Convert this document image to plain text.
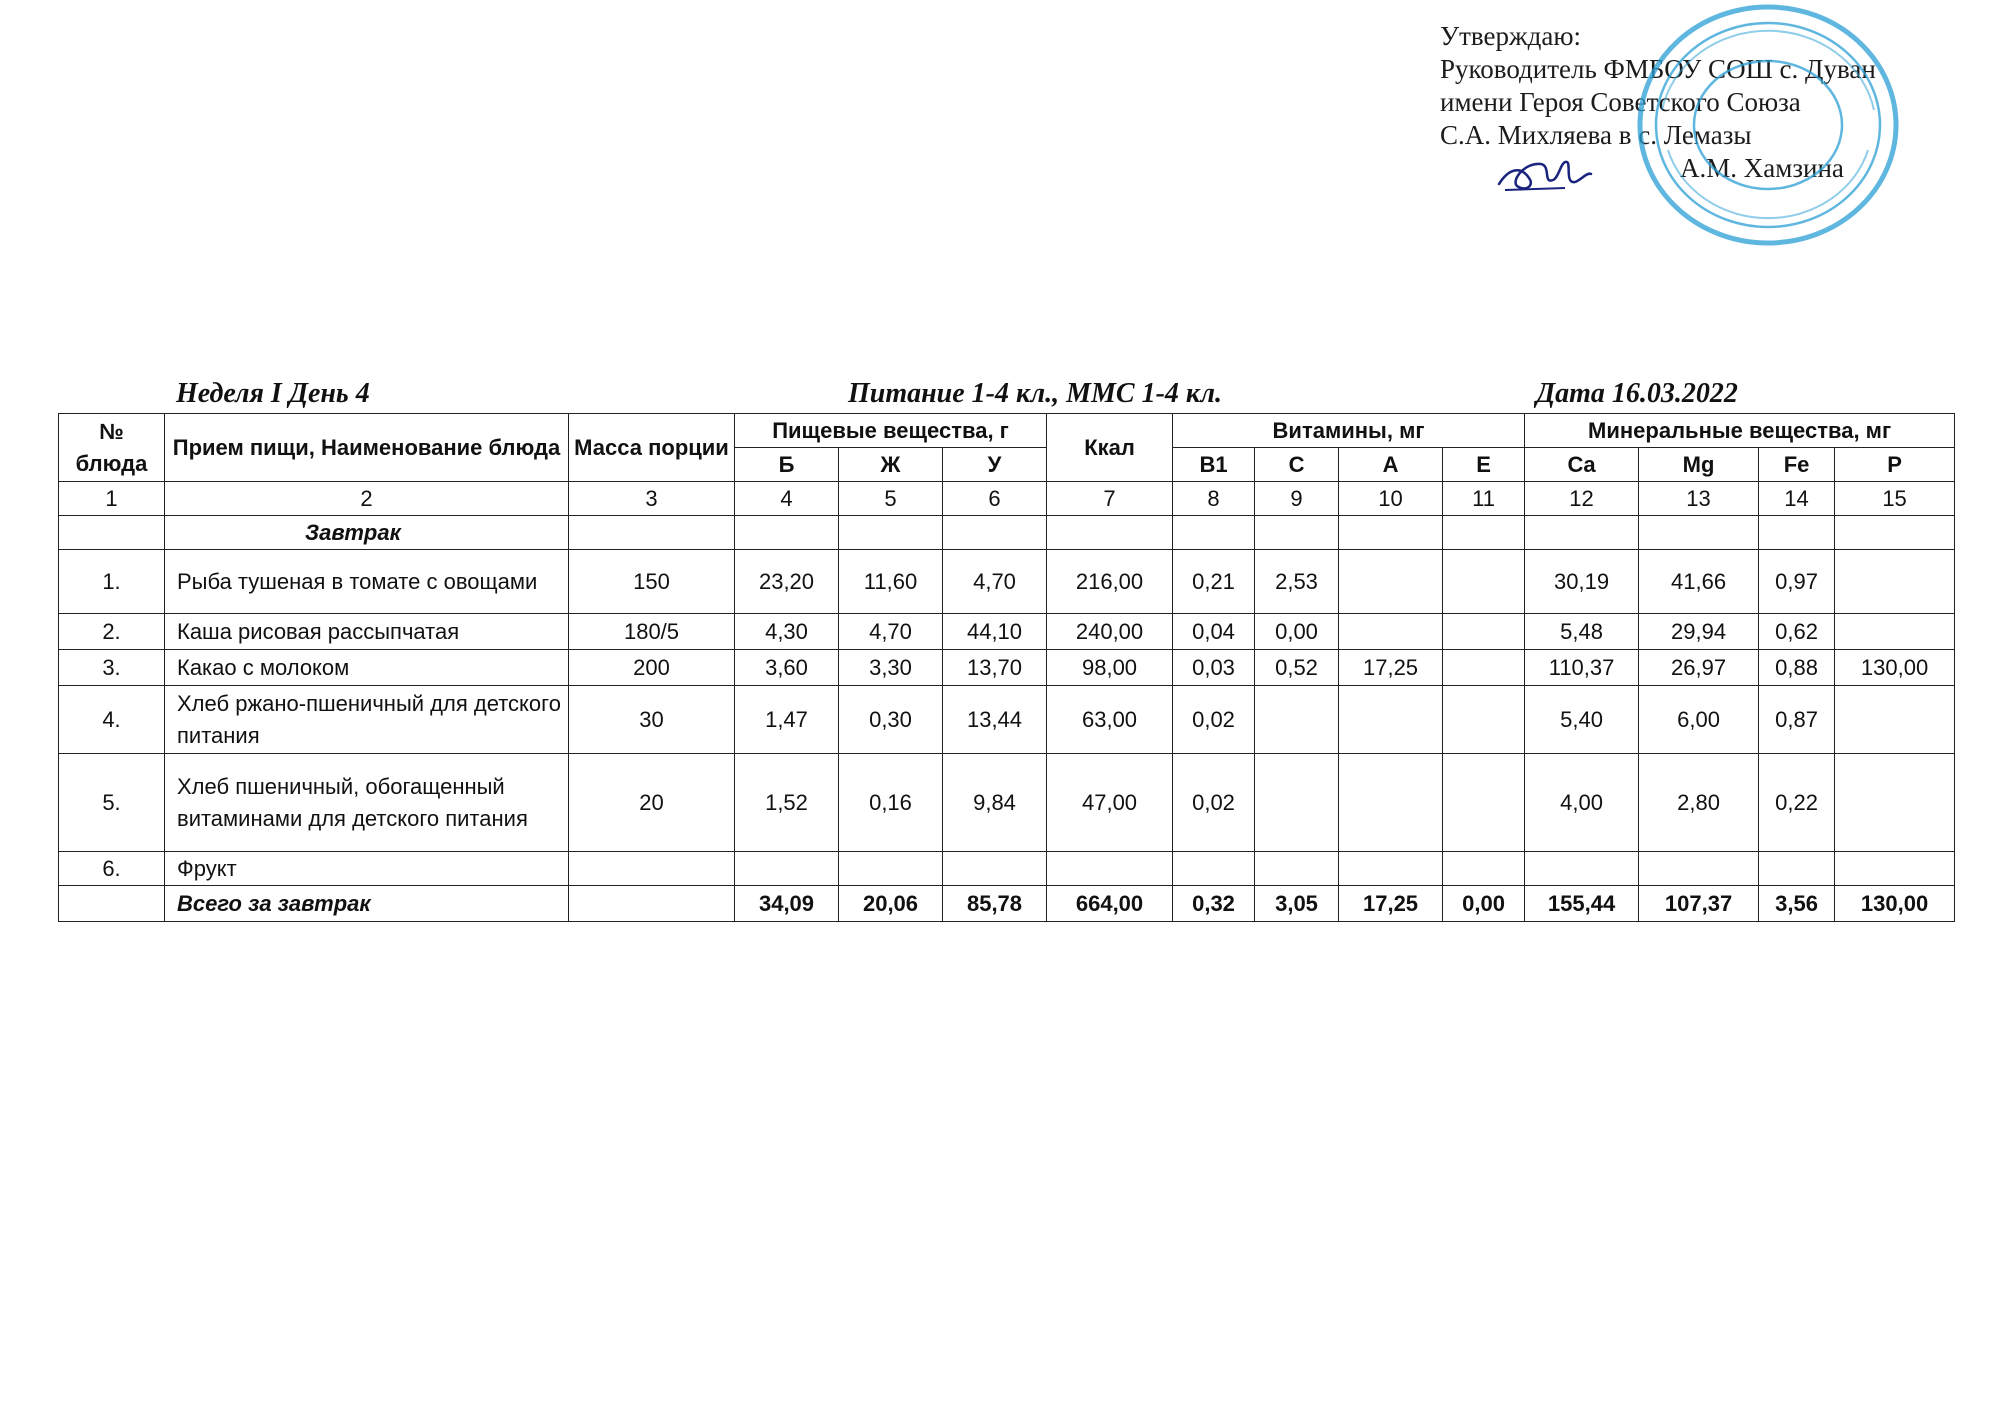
Утверждаю:
Руководитель ФМБОУ СОШ с. Дуван
имени Героя Советского Союза
С.А. Михляева в с. Лемазы
А.М. Хамзина
Неделя I День 4	Питание 1-4 кл., ММС 1-4 кл.	Дата 16.03.2022
№ блюда	Прием пищи, Наименование блюда	Масса порции	Пищевые вещества, г			Ккал	Витамины, мг				Минеральные вещества, мг			
			Б	Ж	У		В1	С	А	Е	Ca	Mg	Fe	P
1	2	3	4	5	6	7	8	9	10	11	12	13	14	15
	Завтрак													
1.	Рыба тушеная в томате с овощами	150	23,20	11,60	4,70	216,00	0,21	2,53			30,19	41,66	0,97	
2.	Каша рисовая рассыпчатая	180/5	4,30	4,70	44,10	240,00	0,04	0,00			5,48	29,94	0,62	
3.	Какао с молоком	200	3,60	3,30	13,70	98,00	0,03	0,52	17,25		110,37	26,97	0,88	130,00
4.	Хлеб ржано-пшеничный для детского питания	30	1,47	0,30	13,44	63,00	0,02				5,40	6,00	0,87	
5.	Хлеб пшеничный, обогащенный витаминами для детского питания	20	1,52	0,16	9,84	47,00	0,02				4,00	2,80	0,22	
6.	Фрукт													
	Всего за завтрак		34,09	20,06	85,78	664,00	0,32	3,05	17,25	0,00	155,44	107,37	3,56	130,00
